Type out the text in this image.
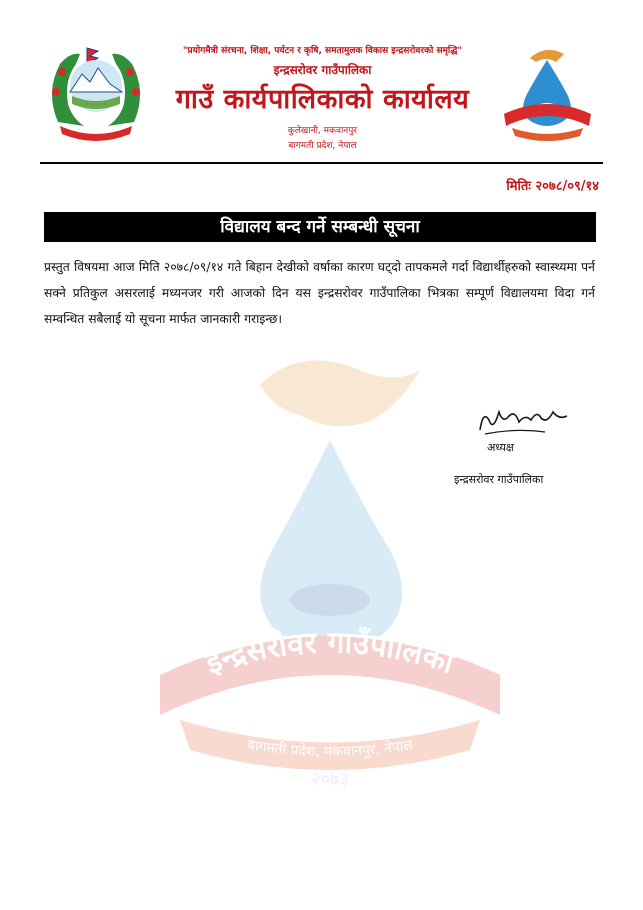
इन्द्रसरोवर गाउँपालिका
बागमती प्रदेश, मकवानपुर, नेपाल
२०७३
"प्रयोगमैत्री संरचना, शिक्षा, पर्यटन र कृषि, समतामुलक विकास इन्द्रसरोवरको समृद्धि"
इन्द्रसरोवर गाउँपालिका
गाउँ कार्यपालिकाको कार्यालय
कुलेखानी, मकवानपुर
बागमती प्रदेश, नेपाल
मितिः २०७८/०९/१४
विद्यालय बन्द गर्ने सम्बन्धी सूचना
प्रस्तुत विषयमा आज मिति २०७८/०९/१४ गते बिहान देखीको वर्षाका कारण घट्दो तापकमले गर्दा विद्यार्थीहरुको स्वास्थ्यमा पर्न सक्ने प्रतिकुल असरलाई मध्यनजर गरी आजको दिन यस इन्द्रसरोवर गाउँपालिका भित्रका सम्पूर्ण विद्यालयमा विदा गर्न सम्वन्धित सबैलाई यो सूचना मार्फत जानकारी गराइन्छ।
अध्यक्ष
इन्द्रसरोवर गाउँपालिका
